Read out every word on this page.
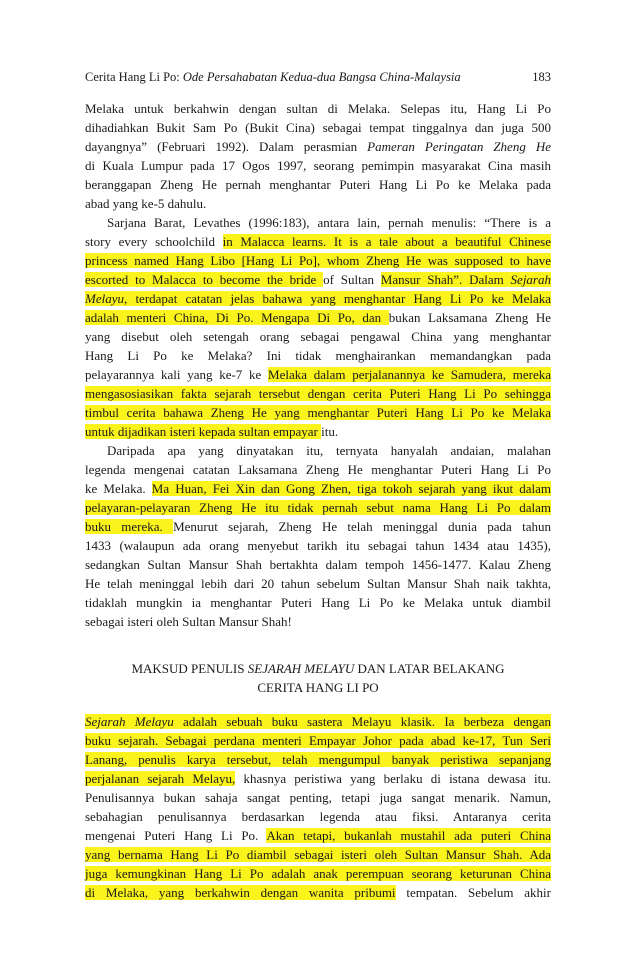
Cerita Hang Li Po: Ode Persahabatan Kedua-dua Bangsa China-Malaysia	183
Melaka untuk berkahwin dengan sultan di Melaka. Selepas itu, Hang Li Po
dihadiahkan Bukit Sam Po (Bukit Cina) sebagai tempat tinggalnya dan juga 500
dayangnya” (Februari 1992). Dalam perasmian Pameran Peringatan Zheng He
di Kuala Lumpur pada 17 Ogos 1997, seorang pemimpin masyarakat Cina masih
beranggapan Zheng He pernah menghantar Puteri Hang Li Po ke Melaka pada
abad yang ke-5 dahulu.
Sarjana Barat, Levathes (1996:183), antara lain, pernah menulis: “There is a
story every schoolchild in Malacca learns. It is a tale about a beautiful Chinese
princess named Hang Libo [Hang Li Po], whom Zheng He was supposed to have
escorted to Malacca to become the bride of Sultan Mansur Shah”. Dalam Sejarah
Melayu, terdapat catatan jelas bahawa yang menghantar Hang Li Po ke Melaka
adalah menteri China, Di Po. Mengapa Di Po, dan bukan Laksamana Zheng He
yang disebut oleh setengah orang sebagai pengawal China yang menghantar
Hang Li Po ke Melaka? Ini tidak menghairankan memandangkan pada
pelayarannya kali yang ke-7 ke Melaka dalam perjalanannya ke Samudera, mereka
mengasosiasikan fakta sejarah tersebut dengan cerita Puteri Hang Li Po sehingga
timbul cerita bahawa Zheng He yang menghantar Puteri Hang Li Po ke Melaka
untuk dijadikan isteri kepada sultan empayar itu.
Daripada apa yang dinyatakan itu, ternyata hanyalah andaian, malahan
legenda mengenai catatan Laksamana Zheng He menghantar Puteri Hang Li Po
ke Melaka. Ma Huan, Fei Xin dan Gong Zhen, tiga tokoh sejarah yang ikut dalam
pelayaran-pelayaran Zheng He itu tidak pernah sebut nama Hang Li Po dalam
buku mereka. Menurut sejarah, Zheng He telah meninggal dunia pada tahun
1433 (walaupun ada orang menyebut tarikh itu sebagai tahun 1434 atau 1435),
sedangkan Sultan Mansur Shah bertakhta dalam tempoh 1456-1477. Kalau Zheng
He telah meninggal lebih dari 20 tahun sebelum Sultan Mansur Shah naik takhta,
tidaklah mungkin ia menghantar Puteri Hang Li Po ke Melaka untuk diambil
sebagai isteri oleh Sultan Mansur Shah!
MAKSUD PENULIS SEJARAH MELAYU DAN LATAR BELAKANG
CERITA HANG LI PO
Sejarah Melayu adalah sebuah buku sastera Melayu klasik. Ia berbeza dengan
buku sejarah. Sebagai perdana menteri Empayar Johor pada abad ke-17, Tun Seri
Lanang, penulis karya tersebut, telah mengumpul banyak peristiwa sepanjang
perjalanan sejarah Melayu, khasnya peristiwa yang berlaku di istana dewasa itu.
Penulisannya bukan sahaja sangat penting, tetapi juga sangat menarik. Namun,
sebahagian penulisannya berdasarkan legenda atau fiksi. Antaranya cerita
mengenai Puteri Hang Li Po. Akan tetapi, bukanlah mustahil ada puteri China
yang bernama Hang Li Po diambil sebagai isteri oleh Sultan Mansur Shah. Ada
juga kemungkinan Hang Li Po adalah anak perempuan seorang keturunan China
di Melaka, yang berkahwin dengan wanita pribumi tempatan. Sebelum akhir
